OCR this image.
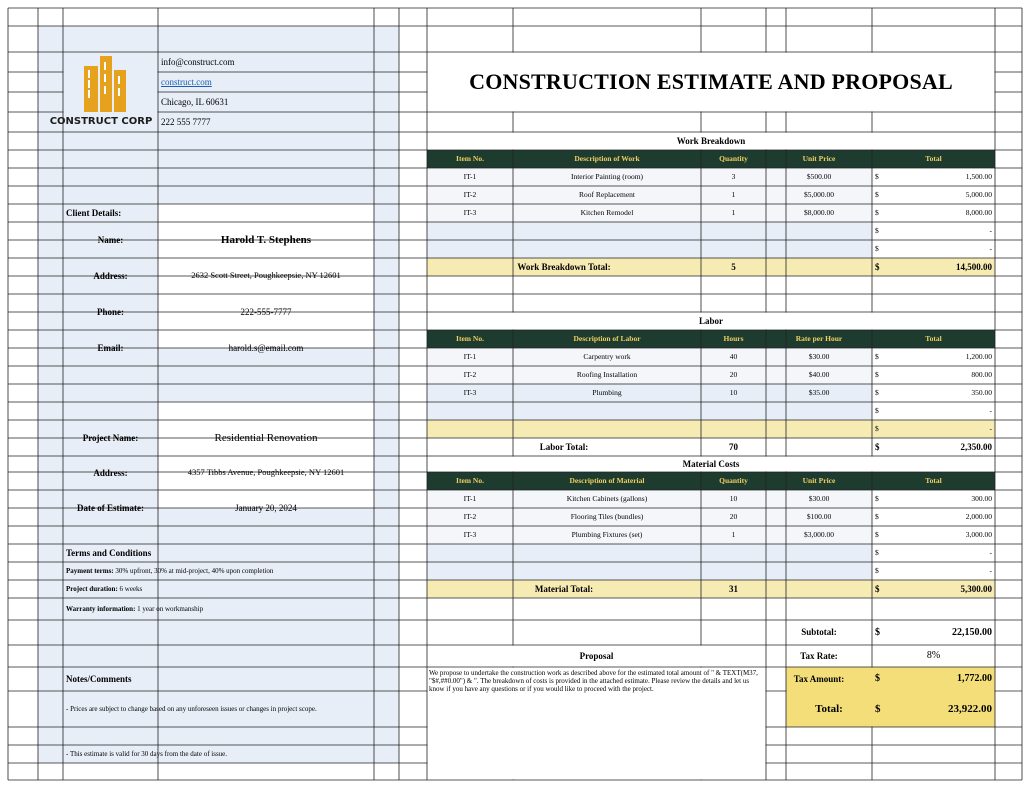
CONSTRUCT CORP
info@construct.com
construct.com
Chicago, IL 60631
222 555 7777
CONSTRUCTION ESTIMATE AND PROPOSAL
Client Details:
Name:	Harold T. Stephens
Address:	2632 Scott Street, Poughkeepsie, NY 12601
Phone:	222-555-7777
Email:	harold.s@email.com
Project Name:	Residential Renovation
Address:	4357 Tibbs Avenue, Poughkeepsie, NY 12601
Date of Estimate:	January 20, 2024
Terms and Conditions
Payment terms:
30% upfront, 30% at mid-project, 40% upon completion
Project duration:
6 weeks
Warranty information:
1 year on workmanship
Notes/Comments
- Prices are subject to change based on any unforeseen issues or changes in project scope.
- This estimate is valid for 30 days from the date of issue.
Work Breakdown
Item No.	Description of Work	Quantity	Unit Price	Total
IT-1	Interior Painting (room)	3	$500.00	$	1,500.00
IT-2	Roof Replacement	1	$5,000.00	$	5,000.00
IT-3	Kitchen Remodel	1	$8,000.00	$	8,000.00
$	-
$	-
Work Breakdown Total:	5	$	14,500.00
Labor
Item No.	Description of Labor	Hours	Rate per Hour	Total
IT-1	Carpentry work	40	$30.00	$	1,200.00
IT-2	Roofing Installation	20	$40.00	$	800.00
IT-3	Plumbing	10	$35.00	$	350.00
$	-
$	-
Labor Total:	70	$	2,350.00
Material Costs
Item No.	Description of Material	Quantity	Unit Price	Total
IT-1	Kitchen Cabinets (gallons)	10	$30.00	$	300.00
IT-2	Flooring Tiles (bundles)	20	$100.00	$	2,000.00
IT-3	Plumbing Fixtures (set)	1	$3,000.00	$	3,000.00
$	-
$	-
Material Total:	31	$	5,300.00
Subtotal:	$	22,150.00
Tax Rate:	8%
Tax Amount:	$	1,772.00
Total:	$	23,922.00
Proposal
We propose to undertake the construction work as described above for the estimated total amount of " & TEXT(M37, "$#,##0.00") & ". The breakdown of costs is provided in the attached estimate. Please review the details and let us know if you have any questions or if you would like to proceed with the project.
